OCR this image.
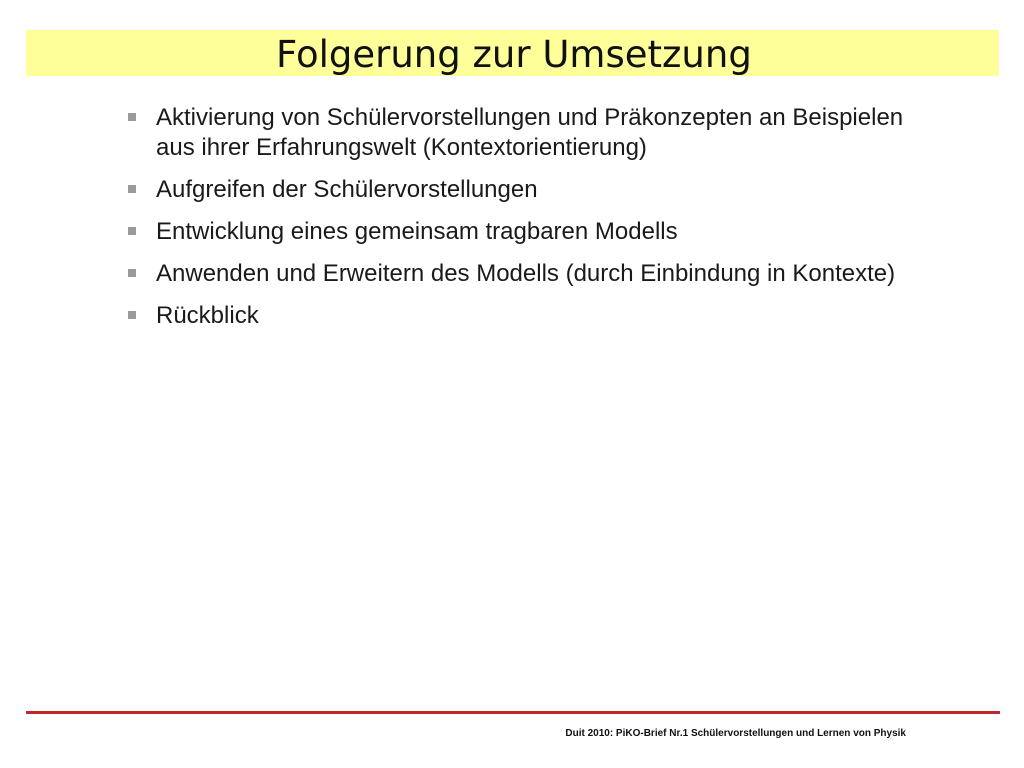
Folgerung zur Umsetzung
Aktivierung von Schülervorstellungen und Präkonzepten an Beispielen aus ihrer Erfahrungswelt (Kontextorientierung)
Aufgreifen der Schülervorstellungen
Entwicklung eines gemeinsam tragbaren Modells
Anwenden und Erweitern des Modells (durch Einbindung in Kontexte)
Rückblick
Duit 2010: PiKO-Brief Nr.1 Schülervorstellungen und Lernen von Physik
